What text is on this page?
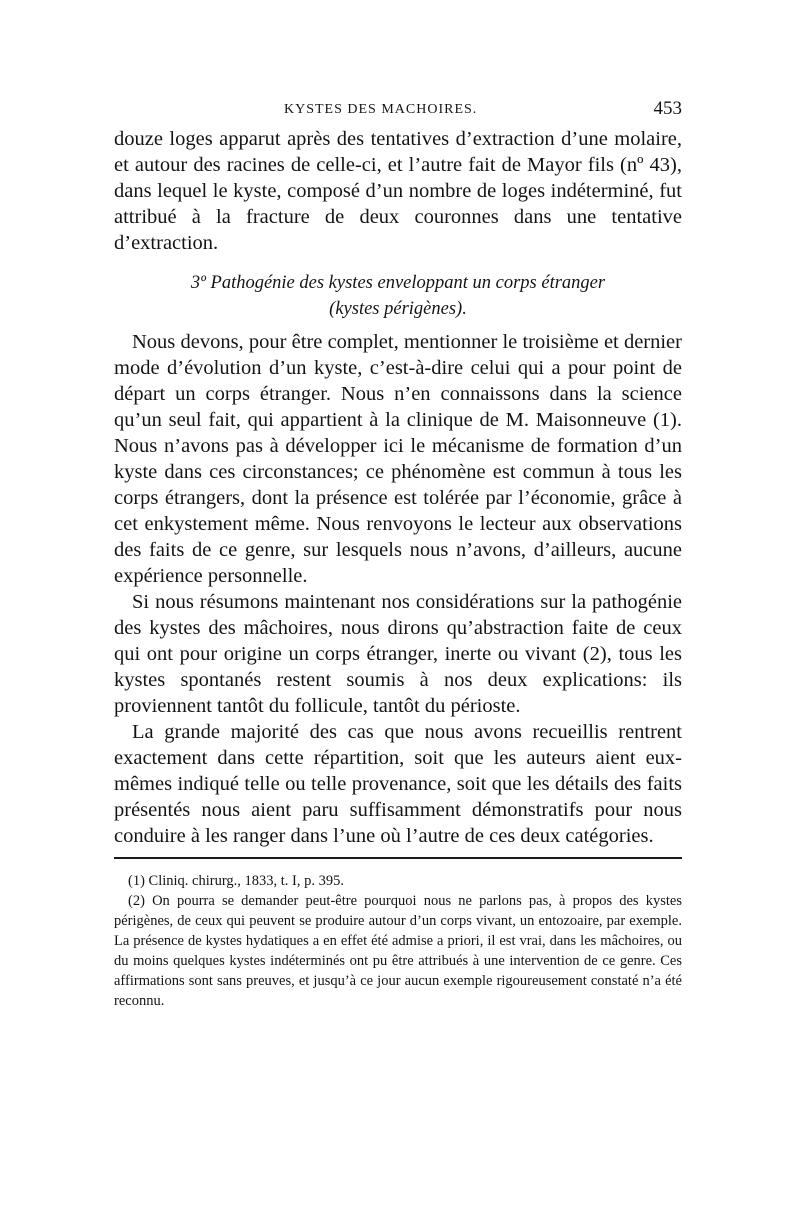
KYSTES DES MACHOIRES.	453

douze loges apparut après des tentatives d’extraction d’une molaire, et autour des racines de celle-ci, et l’autre fait de Mayor fils (nº 43), dans lequel le kyste, composé d’un nombre de loges indéterminé, fut attribué à la fracture de deux couronnes dans une tentative d’extraction.

3º Pathogénie des kystes enveloppant un corps étranger
(kystes périgènes).

Nous devons, pour être complet, mentionner le troisième et dernier mode d’évolution d’un kyste, c’est-à-dire celui qui a pour point de départ un corps étranger. Nous n’en connaissons dans la science qu’un seul fait, qui appartient à la clinique de M. Maisonneuve (1). Nous n’avons pas à développer ici le mécanisme de formation d’un kyste dans ces circonstances; ce phénomène est commun à tous les corps étrangers, dont la présence est tolérée par l’économie, grâce à cet enkystement même. Nous renvoyons le lecteur aux observations des faits de ce genre, sur lesquels nous n’avons, d’ailleurs, aucune expérience personnelle.

Si nous résumons maintenant nos considérations sur la pathogénie des kystes des mâchoires, nous dirons qu’abstraction faite de ceux qui ont pour origine un corps étranger, inerte ou vivant (2), tous les kystes spontanés restent soumis à nos deux explications: ils proviennent tantôt du follicule, tantôt du périoste.

La grande majorité des cas que nous avons recueillis rentrent exactement dans cette répartition, soit que les auteurs aient eux-mêmes indiqué telle ou telle provenance, soit que les détails des faits présentés nous aient paru suffisamment démonstratifs pour nous conduire à les ranger dans l’une où l’autre de ces deux catégories.

(1) Cliniq. chirurg., 1833, t. I, p. 395.

(2) On pourra se demander peut-être pourquoi nous ne parlons pas, à propos des kystes périgènes, de ceux qui peuvent se produire autour d’un corps vivant, un entozoaire, par exemple. La présence de kystes hydatiques a en effet été admise a priori, il est vrai, dans les mâchoires, ou du moins quelques kystes indéterminés ont pu être attribués à une intervention de ce genre. Ces affirmations sont sans preuves, et jusqu’à ce jour aucun exemple rigoureusement constaté n’a été reconnu.
